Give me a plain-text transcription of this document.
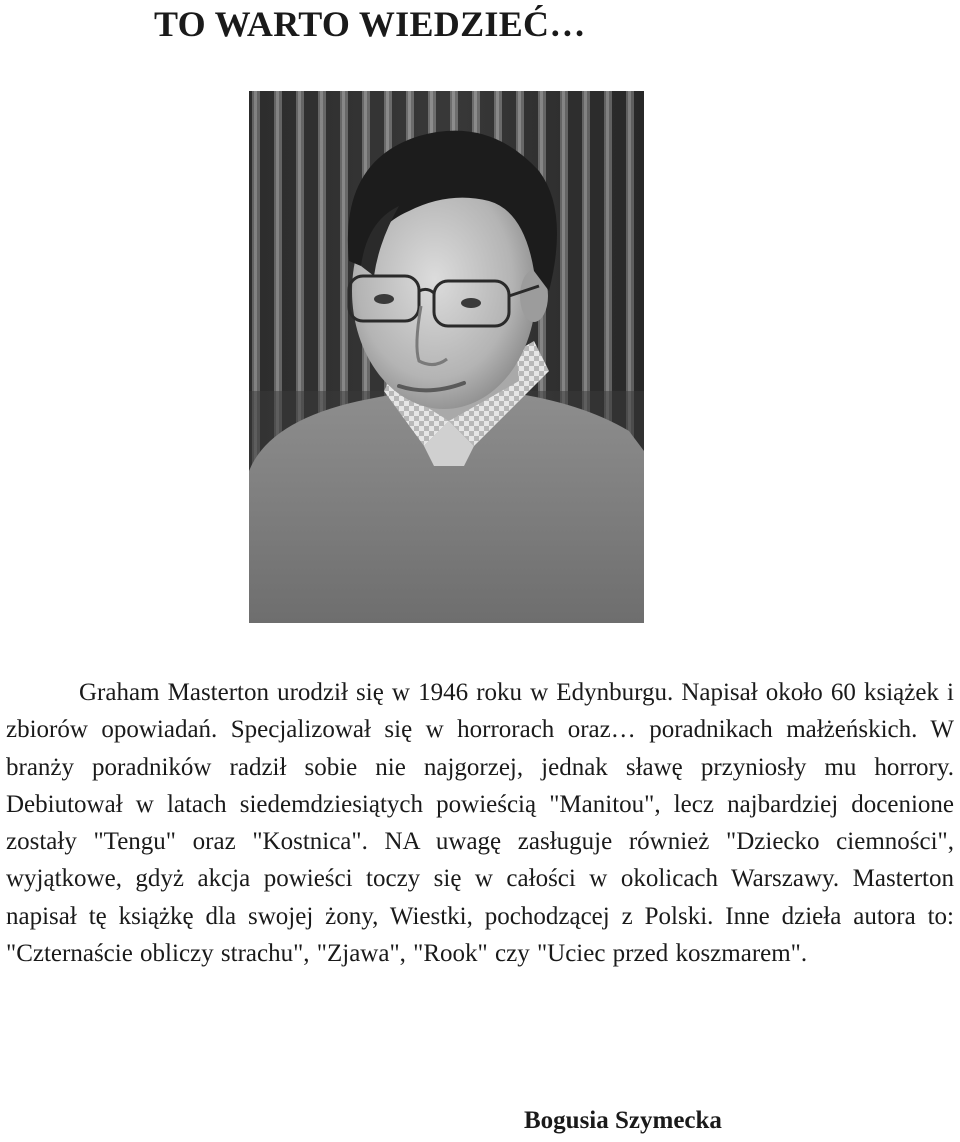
TO WARTO WIEDZIEĆ…

Graham Masterton urodził się w 1946 roku w Edynburgu. Napisał około 60 książek i zbiorów opowiadań. Specjalizował się w horrorach oraz… poradnikach małżeńskich. W branży poradników radził sobie nie najgorzej, jednak sławę przyniosły mu horrory. Debiutował w latach siedemdziesiątych powieścią "Manitou", lecz najbardziej docenione zostały "Tengu" oraz "Kostnica". NA uwagę zasługuje również "Dziecko ciemności", wyjątkowe, gdyż akcja powieści toczy się w całości w okolicach Warszawy. Masterton napisał tę książkę dla swojej żony, Wiestki, pochodzącej z Polski. Inne dzieła autora to: "Czternaście obliczy strachu", "Zjawa", "Rook" czy "Uciec przed koszmarem".

Bogusia Szymecka
